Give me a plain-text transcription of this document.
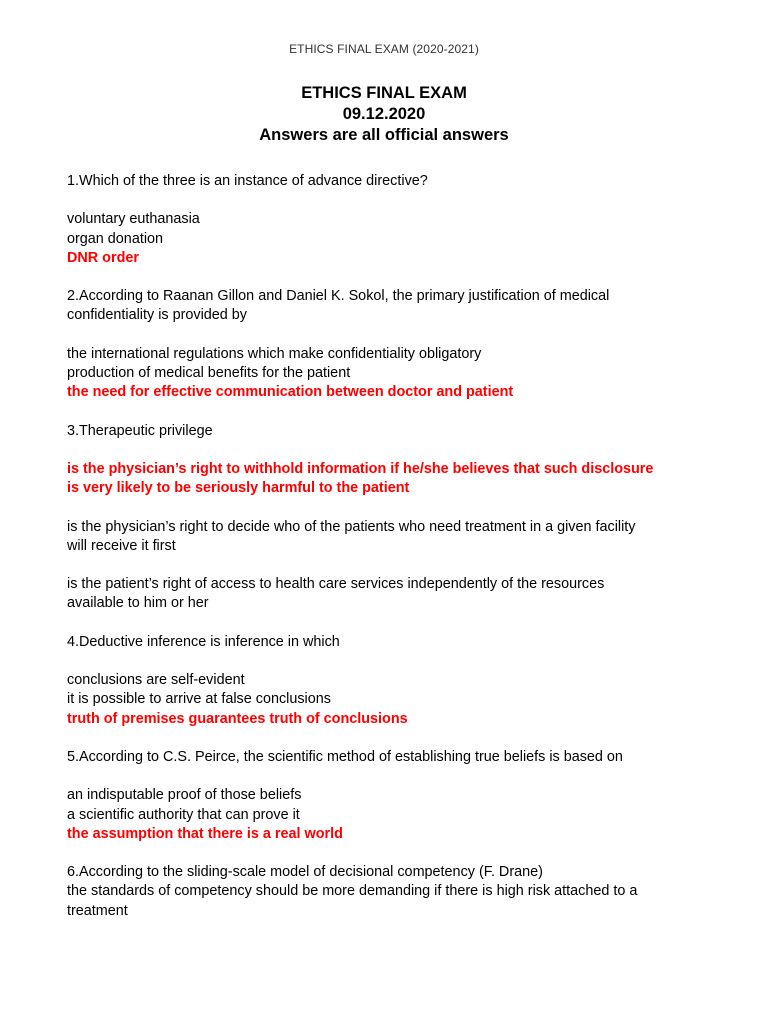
ETHICS FINAL EXAM (2020-2021)
ETHICS FINAL EXAM
09.12.2020
Answers are all official answers
1.Which of the three is an instance of advance directive?
voluntary euthanasia
organ donation
DNR order
2.According to Raanan Gillon and Daniel K. Sokol, the primary justification of medical
confidentiality is provided by
the international regulations which make confidentiality obligatory
production of medical benefits for the patient
the need for effective communication between doctor and patient
3.Therapeutic privilege
is the physician’s right to withhold information if he/she believes that such disclosure
is very likely to be seriously harmful to the patient
is the physician’s right to decide who of the patients who need treatment in a given facility
will receive it first
is the patient’s right of access to health care services independently of the resources
available to him or her
4.Deductive inference is inference in which
conclusions are self-evident
it is possible to arrive at false conclusions
truth of premises guarantees truth of conclusions
5.According to C.S. Peirce, the scientific method of establishing true beliefs is based on
an indisputable proof of those beliefs
a scientific authority that can prove it
the assumption that there is a real world
6.According to the sliding-scale model of decisional competency (F. Drane)
the standards of competency should be more demanding if there is high risk attached to a
treatment
